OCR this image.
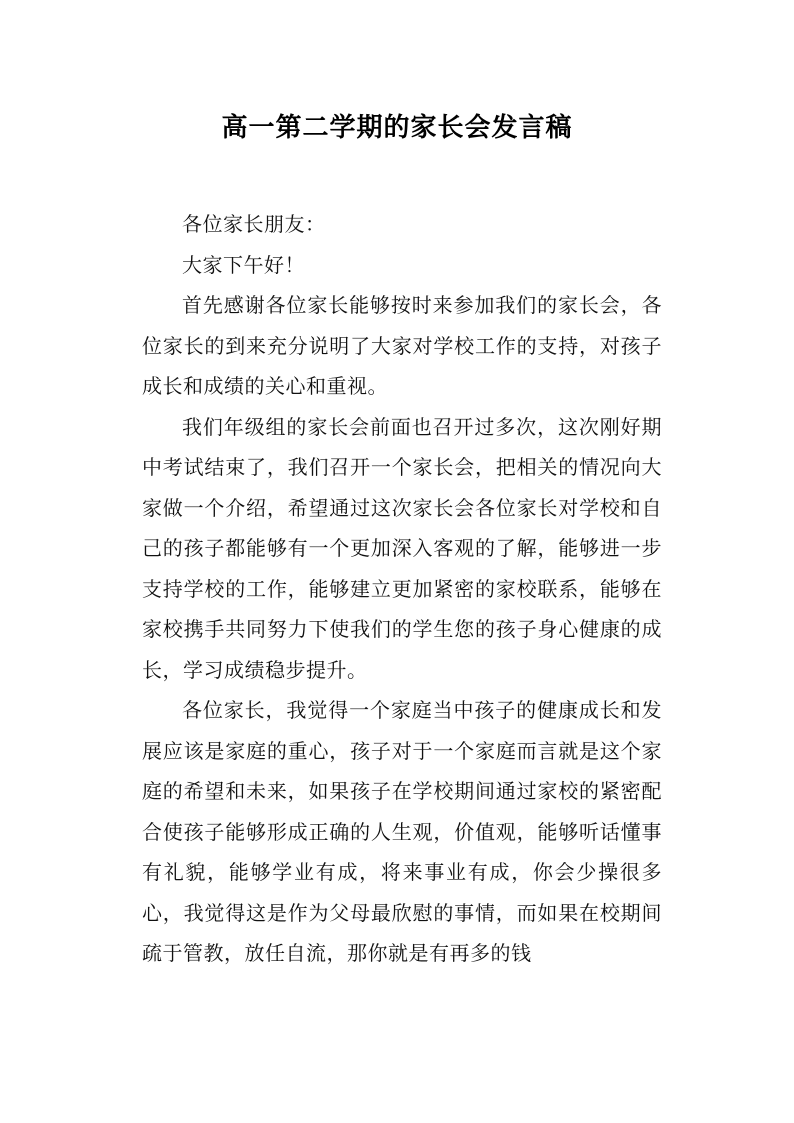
高一第二学期的家长会发言稿

各位家长朋友：

大家下午好！

首先感谢各位家长能够按时来参加我们的家长会，各位家长的到来充分说明了大家对学校工作的支持，对孩子成长和成绩的关心和重视。

我们年级组的家长会前面也召开过多次，这次刚好期中考试结束了，我们召开一个家长会，把相关的情况向大家做一个介绍，希望通过这次家长会各位家长对学校和自己的孩子都能够有一个更加深入客观的了解，能够进一步支持学校的工作，能够建立更加紧密的家校联系，能够在家校携手共同努力下使我们的学生您的孩子身心健康的成长，学习成绩稳步提升。

各位家长，我觉得一个家庭当中孩子的健康成长和发展应该是家庭的重心，孩子对于一个家庭而言就是这个家庭的希望和未来，如果孩子在学校期间通过家校的紧密配合使孩子能够形成正确的人生观，价值观，能够听话懂事有礼貌，能够学业有成，将来事业有成，你会少操很多心，我觉得这是作为父母最欣慰的事情，而如果在校期间疏于管教，放任自流，那你就是有再多的钱
